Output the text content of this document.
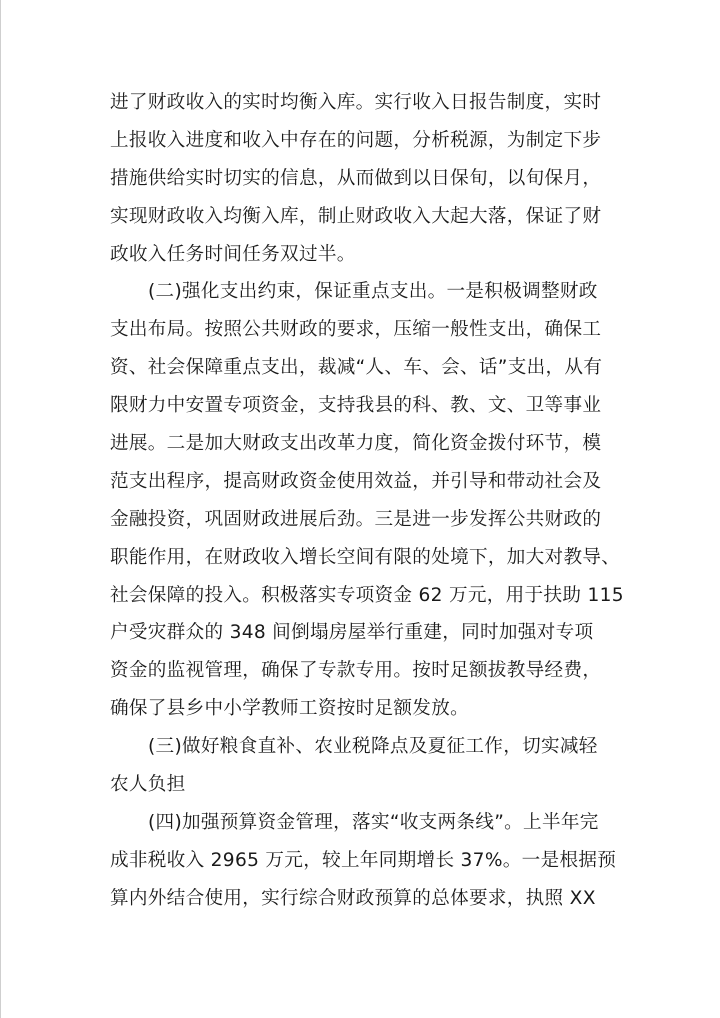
进了财政收入的实时均衡入库。实行收入日报告制度，实时
上报收入进度和收入中存在的问题，分析税源，为制定下步
措施供给实时切实的信息，从而做到以日保旬，以旬保月，
实现财政收入均衡入库，制止财政收入大起大落，保证了财
政收入任务时间任务双过半。
(二)强化支出约束，保证重点支出。一是积极调整财政
支出布局。按照公共财政的要求，压缩一般性支出，确保工
资、社会保障重点支出，裁减“人、车、会、话”支出，从有
限财力中安置专项资金，支持我县的科、教、文、卫等事业
进展。二是加大财政支出改革力度，简化资金拨付环节，模
范支出程序，提高财政资金使用效益，并引导和带动社会及
金融投资，巩固财政进展后劲。三是进一步发挥公共财政的
职能作用，在财政收入增长空间有限的处境下，加大对教导、
社会保障的投入。积极落实专项资金 62 万元，用于扶助 115
户受灾群众的 348 间倒塌房屋举行重建，同时加强对专项
资金的监视管理，确保了专款专用。按时足额拔教导经费，
确保了县乡中小学教师工资按时足额发放。
(三)做好粮食直补、农业税降点及夏征工作，切实减轻
农人负担
(四)加强预算资金管理，落实“收支两条线”。上半年完
成非税收入 2965 万元，较上年同期增长 37%。一是根据预
算内外结合使用，实行综合财政预算的总体要求，执照 XX
